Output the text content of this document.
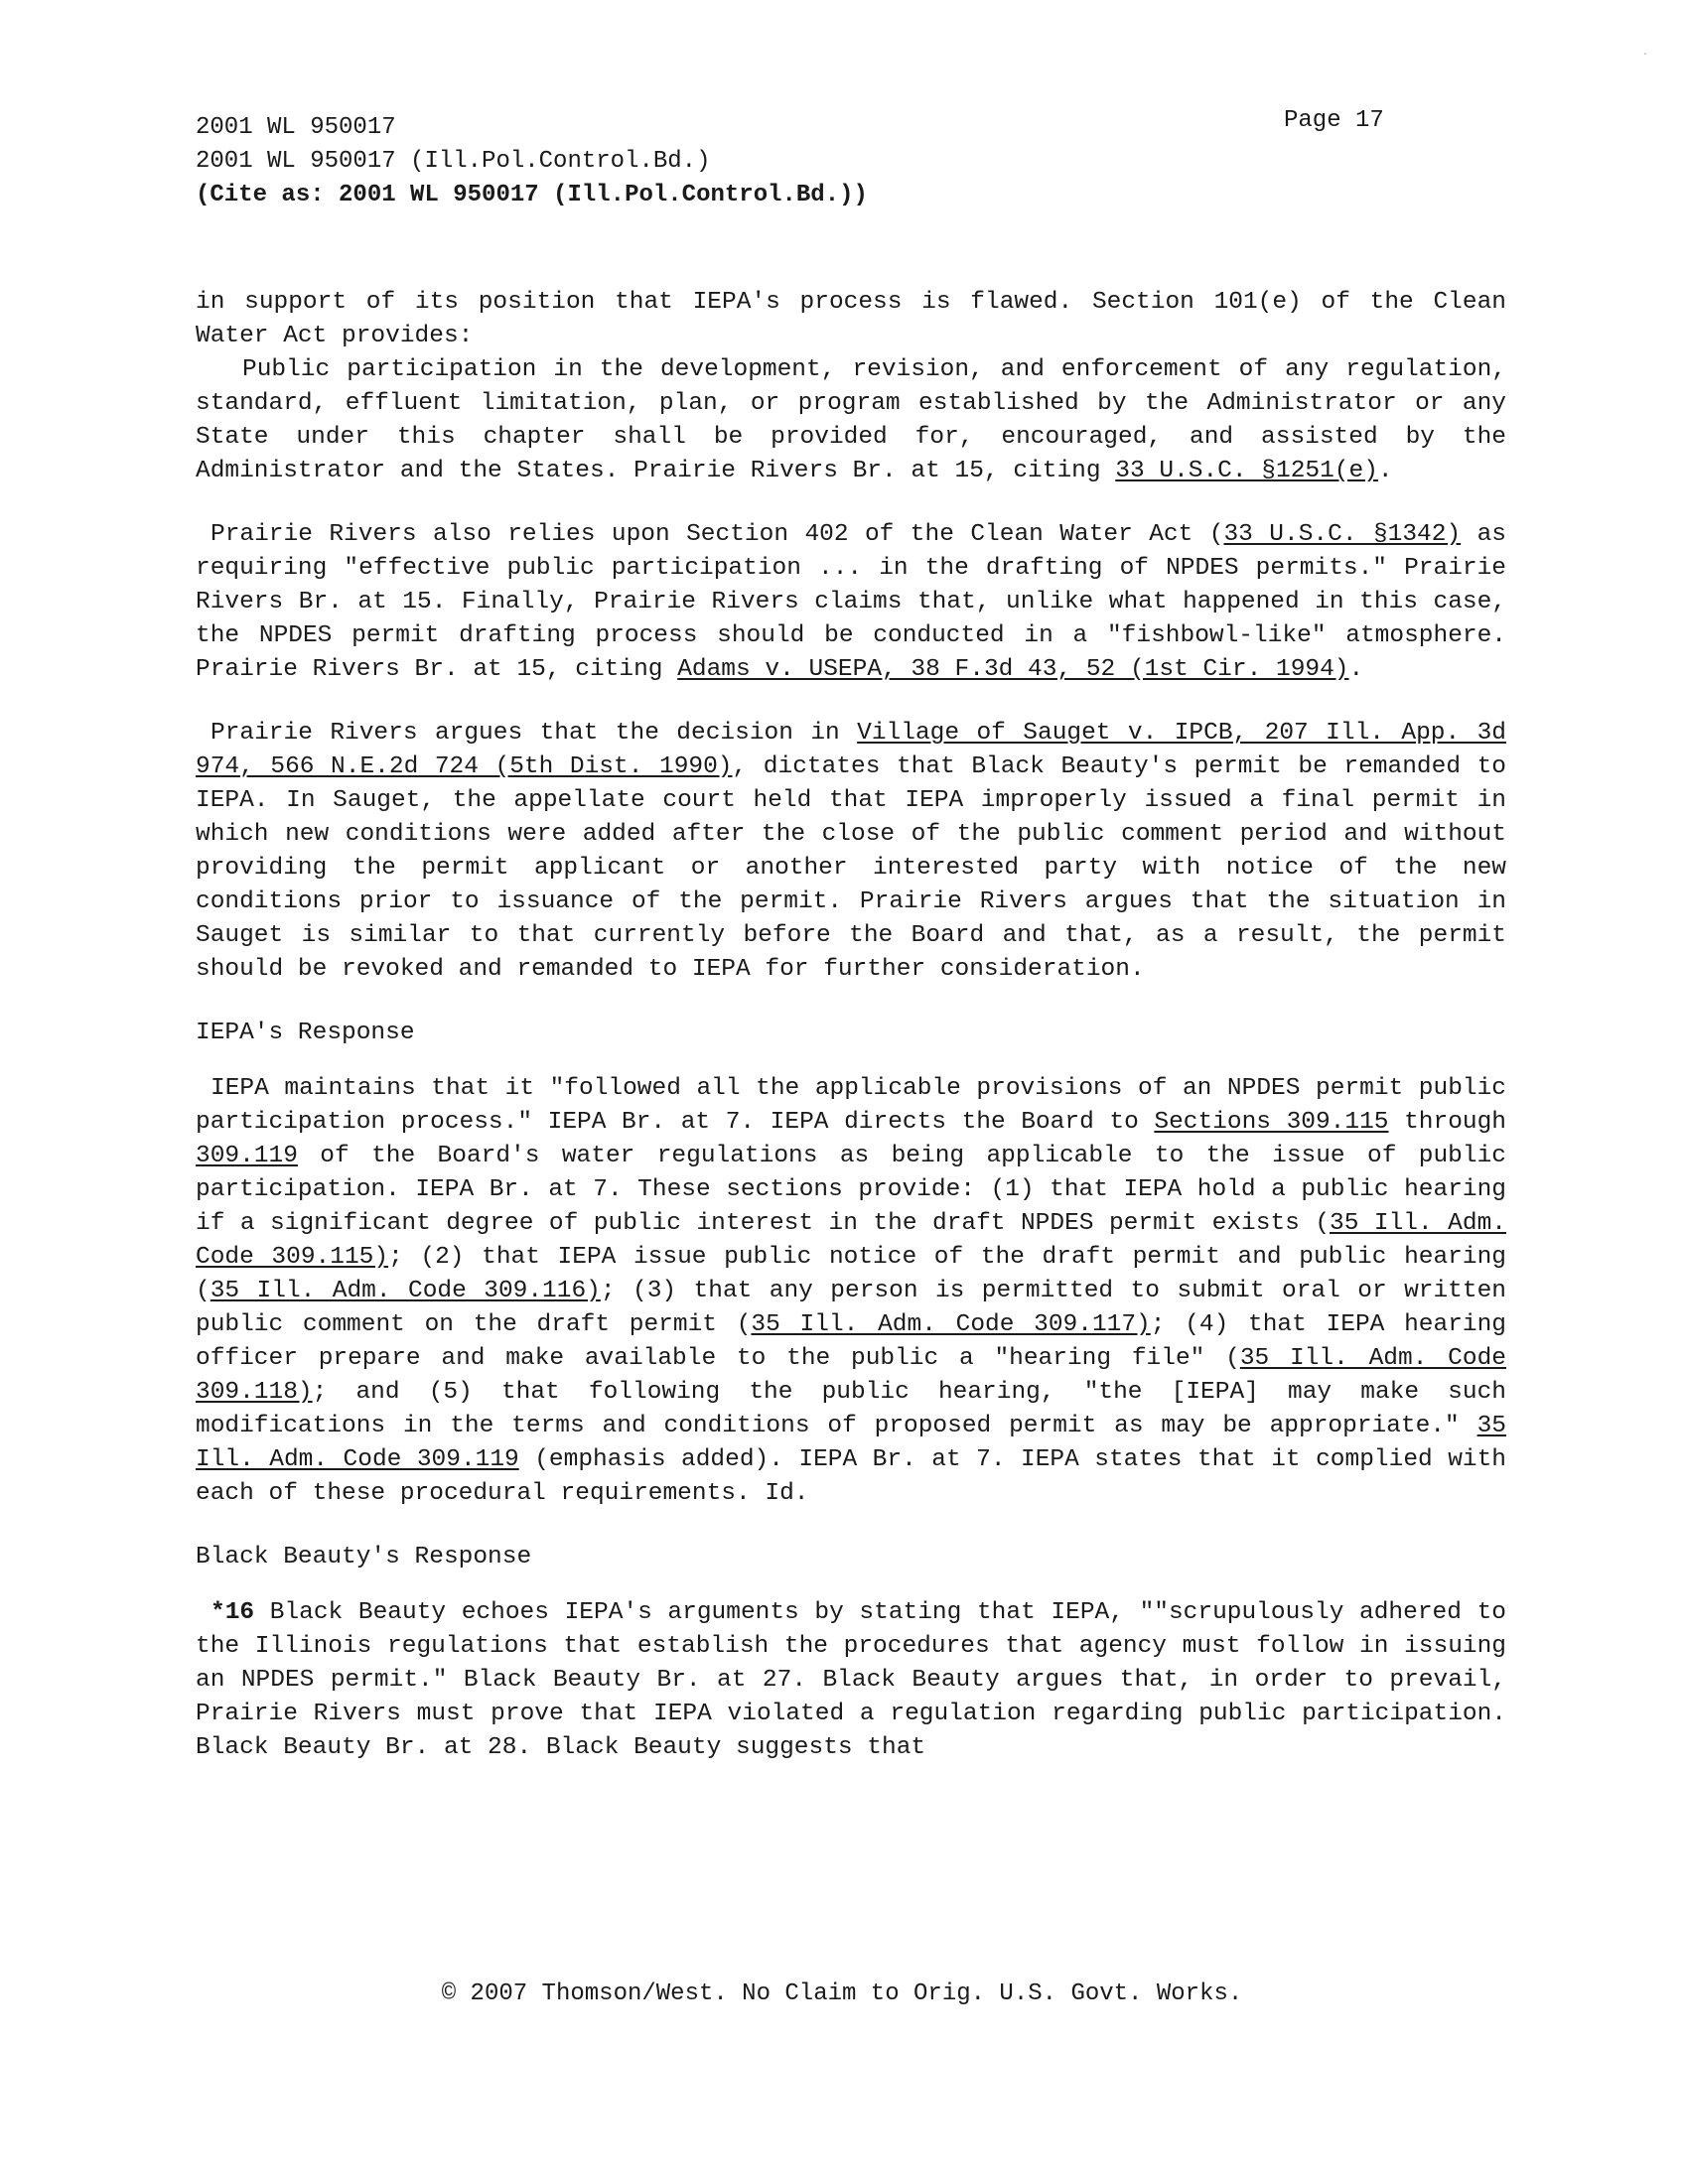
·
2001 WL 950017
2001 WL 950017 (Ill.Pol.Control.Bd.)
(Cite as: 2001 WL 950017 (Ill.Pol.Control.Bd.))
Page 17

in support of its position that IEPA's process is flawed. Section 101(e) of the Clean Water Act provides:

Public participation in the development, revision, and enforcement of any regulation, standard, effluent limitation, plan, or program established by the Administrator or any State under this chapter shall be provided for, encouraged, and assisted by the Administrator and the States. Prairie Rivers Br. at 15, citing 33 U.S.C. §1251(e).

Prairie Rivers also relies upon Section 402 of the Clean Water Act (33 U.S.C. §1342) as requiring "effective public participation ... in the drafting of NPDES permits." Prairie Rivers Br. at 15. Finally, Prairie Rivers claims that, unlike what happened in this case, the NPDES permit drafting process should be conducted in a "fishbowl-like" atmosphere. Prairie Rivers Br. at 15, citing Adams v. USEPA, 38 F.3d 43, 52 (1st Cir. 1994).

Prairie Rivers argues that the decision in Village of Sauget v. IPCB, 207 Ill. App. 3d 974, 566 N.E.2d 724 (5th Dist. 1990), dictates that Black Beauty's permit be remanded to IEPA. In Sauget, the appellate court held that IEPA improperly issued a final permit in which new conditions were added after the close of the public comment period and without providing the permit applicant or another interested party with notice of the new conditions prior to issuance of the permit. Prairie Rivers argues that the situation in Sauget is similar to that currently before the Board and that, as a result, the permit should be revoked and remanded to IEPA for further consideration.

IEPA's Response

IEPA maintains that it "followed all the applicable provisions of an NPDES permit public participation process." IEPA Br. at 7. IEPA directs the Board to Sections 309.115 through 309.119 of the Board's water regulations as being applicable to the issue of public participation. IEPA Br. at 7. These sections provide: (1) that IEPA hold a public hearing if a significant degree of public interest in the draft NPDES permit exists (35 Ill. Adm. Code 309.115); (2) that IEPA issue public notice of the draft permit and public hearing (35 Ill. Adm. Code 309.116); (3) that any person is permitted to submit oral or written public comment on the draft permit (35 Ill. Adm. Code 309.117); (4) that IEPA hearing officer prepare and make available to the public a "hearing file" (35 Ill. Adm. Code 309.118); and (5) that following the public hearing, "the [IEPA] may make such modifications in the terms and conditions of proposed permit as may be appropriate." 35 Ill. Adm. Code 309.119 (emphasis added). IEPA Br. at 7. IEPA states that it complied with each of these procedural requirements. Id.

Black Beauty's Response

*16 Black Beauty echoes IEPA's arguments by stating that IEPA, ""scrupulously adhered to the Illinois regulations that establish the procedures that agency must follow in issuing an NPDES permit." Black Beauty Br. at 27. Black Beauty argues that, in order to prevail, Prairie Rivers must prove that IEPA violated a regulation regarding public participation. Black Beauty Br. at 28. Black Beauty suggests that

© 2007 Thomson/West. No Claim to Orig. U.S. Govt. Works.
